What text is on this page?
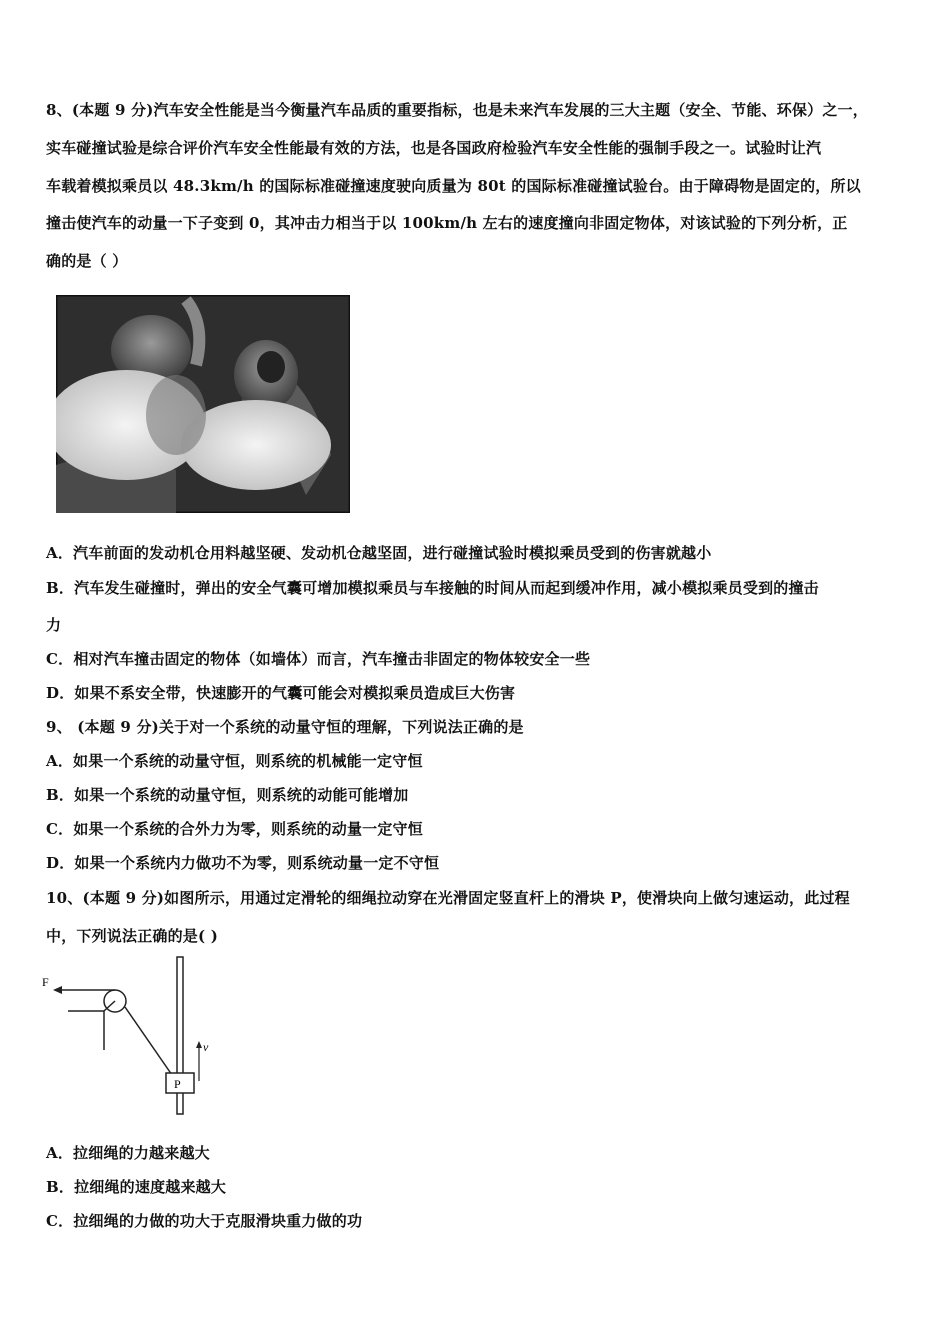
8、(本题 9 分)汽车安全性能是当今衡量汽车品质的重要指标，也是未来汽车发展的三大主题（安全、节能、环保）之一，
实车碰撞试验是综合评价汽车安全性能最有效的方法，也是各国政府检验汽车安全性能的强制手段之一。试验时让汽
车载着模拟乘员以 48.3km/h 的国际标准碰撞速度驶向质量为 80t 的国际标准碰撞试验台。由于障碍物是固定的，所以
撞击使汽车的动量一下子变到 0，其冲击力相当于以 100km/h 左右的速度撞向非固定物体，对该试验的下列分析，正
确的是（ ）
A．汽车前面的发动机仓用料越坚硬、发动机仓越坚固，进行碰撞试验时模拟乘员受到的伤害就越小
B．汽车发生碰撞时，弹出的安全气囊可增加模拟乘员与车接触的时间从而起到缓冲作用，减小模拟乘员受到的撞击
力
C．相对汽车撞击固定的物体（如墙体）而言，汽车撞击非固定的物体较安全一些
D．如果不系安全带，快速膨开的气囊可能会对模拟乘员造成巨大伤害
9、 (本题 9 分)关于对一个系统的动量守恒的理解，下列说法正确的是
A．如果一个系统的动量守恒，则系统的机械能一定守恒
B．如果一个系统的动量守恒，则系统的动能可能增加
C．如果一个系统的合外力为零，则系统的动量一定守恒
D．如果一个系统内力做功不为零，则系统动量一定不守恒
10、(本题 9 分)如图所示，用通过定滑轮的细绳拉动穿在光滑固定竖直杆上的滑块 P，使滑块向上做匀速运动，此过程
中，下列说法正确的是( )
F
P
v
A．拉细绳的力越来越大
B．拉细绳的速度越来越大
C．拉细绳的力做的功大于克服滑块重力做的功
